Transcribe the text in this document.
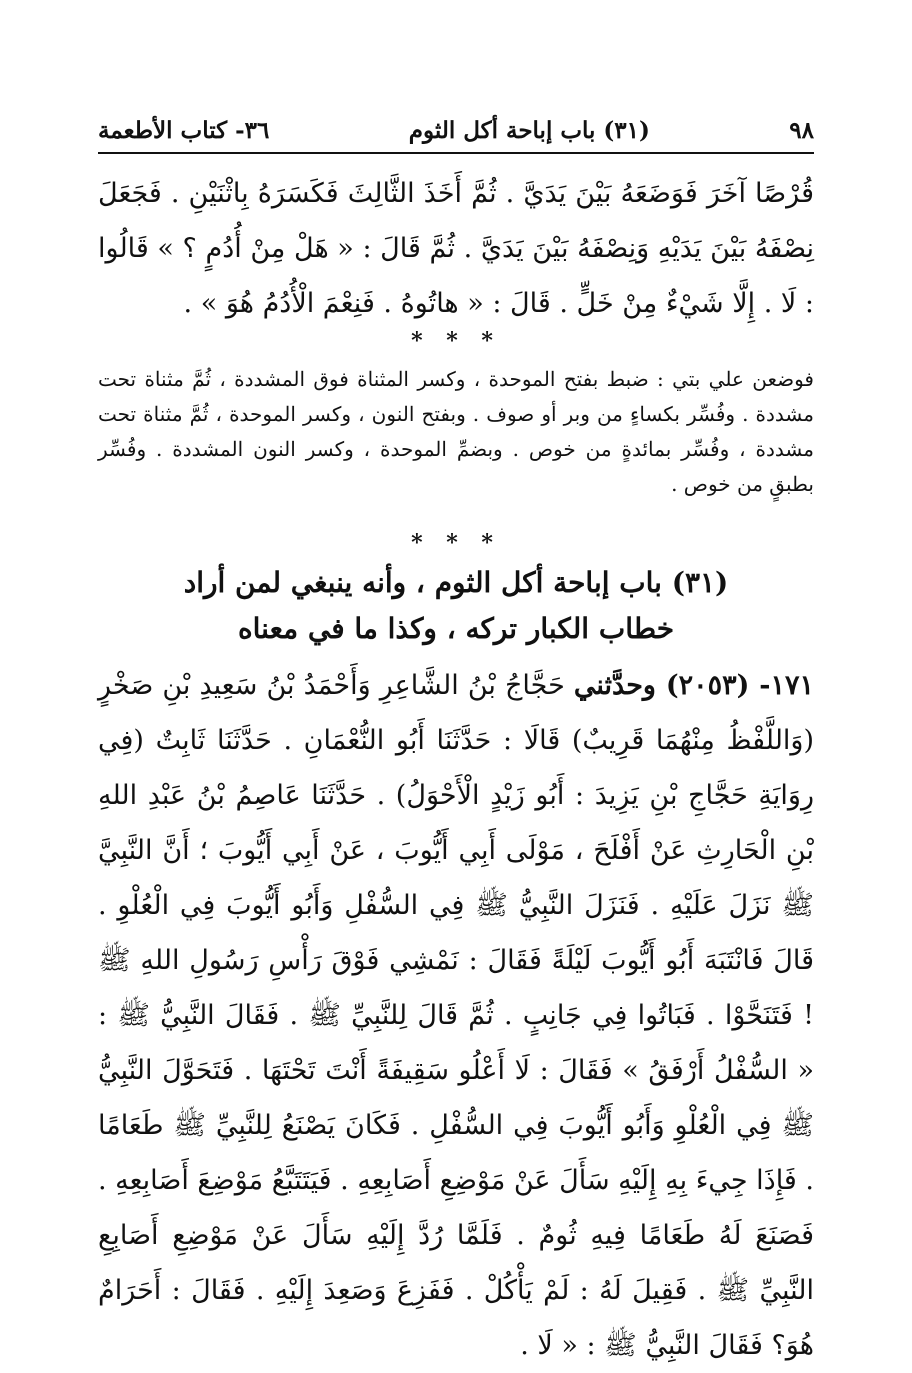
٩٨
(٣١) باب إباحة أكل الثوم
٣٦- كتاب الأطعمة

قُرْصًا آخَرَ فَوَضَعَهُ بَيْنَ يَدَيَّ . ثُمَّ أَخَذَ الثَّالِثَ فَكَسَرَهُ بِاثْنَيْنِ . فَجَعَلَ نِصْفَهُ بَيْنَ يَدَيْهِ وَنِصْفَهُ بَيْنَ يَدَيَّ . ثُمَّ قَالَ : « هَلْ مِنْ أُدُمٍ ؟ » قَالُوا : لَا . إِلَّا شَيْءٌ مِنْ خَلٍّ . قَالَ : « هاتُوهُ . فَنِعْمَ الْأُدُمُ هُوَ » .

* * *

فوضعن علي بتي : ضبط بفتح الموحدة ، وكسر المثناة فوق المشددة ، ثُمَّ مثناة تحت مشددة . وفُسِّر بكساءٍ من وبر أو صوف . وبفتح النون ، وكسر الموحدة ، ثُمَّ مثناة تحت مشددة ، وفُسِّر بمائدةٍ من خوص . وبضمِّ الموحدة ، وكسر النون المشددة . وفُسِّر بطبقٍ من خوص .

* * *
(٣١) باب إباحة أكل الثوم ، وأنه ينبغي لمن أراد
خطاب الكبار تركه ، وكذا ما في معناه

١٧١- (٢٠٥٣) وحدَّثني حَجَّاجُ بْنُ الشَّاعِرِ وَأَحْمَدُ بْنُ سَعِيدِ بْنِ صَخْرٍ (وَاللَّفْظُ مِنْهُمَا قَرِيبٌ) قَالَا : حَدَّثَنَا أَبُو النُّعْمَانِ . حَدَّثَنَا ثَابِتٌ (فِي رِوَايَةِ حَجَّاجِ بْنِ يَزِيدَ : أَبُو زَيْدٍ الْأَحْوَلُ) . حَدَّثَنَا عَاصِمُ بْنُ عَبْدِ اللهِ بْنِ الْحَارِثِ عَنْ أَفْلَحَ ، مَوْلَى أَبِي أَيُّوبَ ، عَنْ أَبِي أَيُّوبَ ؛ أَنَّ النَّبِيَّ ﷺ نَزَلَ عَلَيْهِ . فَنَزَلَ النَّبِيُّ ﷺ فِي السُّفْلِ وَأَبُو أَيُّوبَ فِي الْعُلْوِ . قَالَ فَانْتَبَهَ أَبُو أَيُّوبَ لَيْلَةً فَقَالَ : نَمْشِي فَوْقَ رَأْسِ رَسُولِ اللهِ ﷺ ! فَتَنَحَّوْا . فَبَاتُوا فِي جَانِبٍ . ثُمَّ قَالَ لِلنَّبِيِّ ﷺ . فَقَالَ النَّبِيُّ ﷺ : « السُّفْلُ أَرْفَقُ » فَقَالَ : لَا أَعْلُو سَقِيفَةً أَنْتَ تَحْتَهَا . فَتَحَوَّلَ النَّبِيُّ ﷺ فِي الْعُلْوِ وَأَبُو أَيُّوبَ فِي السُّفْلِ . فَكَانَ يَصْنَعُ لِلنَّبِيِّ ﷺ طَعَامًا . فَإِذَا جِيءَ بِهِ إِلَيْهِ سَأَلَ عَنْ مَوْضِعِ أَصَابِعِهِ . فَيَتَتَبَّعُ مَوْضِعَ أَصَابِعِهِ . فَصَنَعَ لَهُ طَعَامًا فِيهِ ثُومٌ . فَلَمَّا رُدَّ إِلَيْهِ سَأَلَ عَنْ مَوْضِعِ أَصَابِعِ النَّبِيِّ ﷺ . فَقِيلَ لَهُ : لَمْ يَأْكُلْ . فَفَزِعَ وَصَعِدَ إِلَيْهِ . فَقَالَ : أَحَرَامٌ هُوَ؟ فَقَالَ النَّبِيُّ ﷺ : « لَا .
